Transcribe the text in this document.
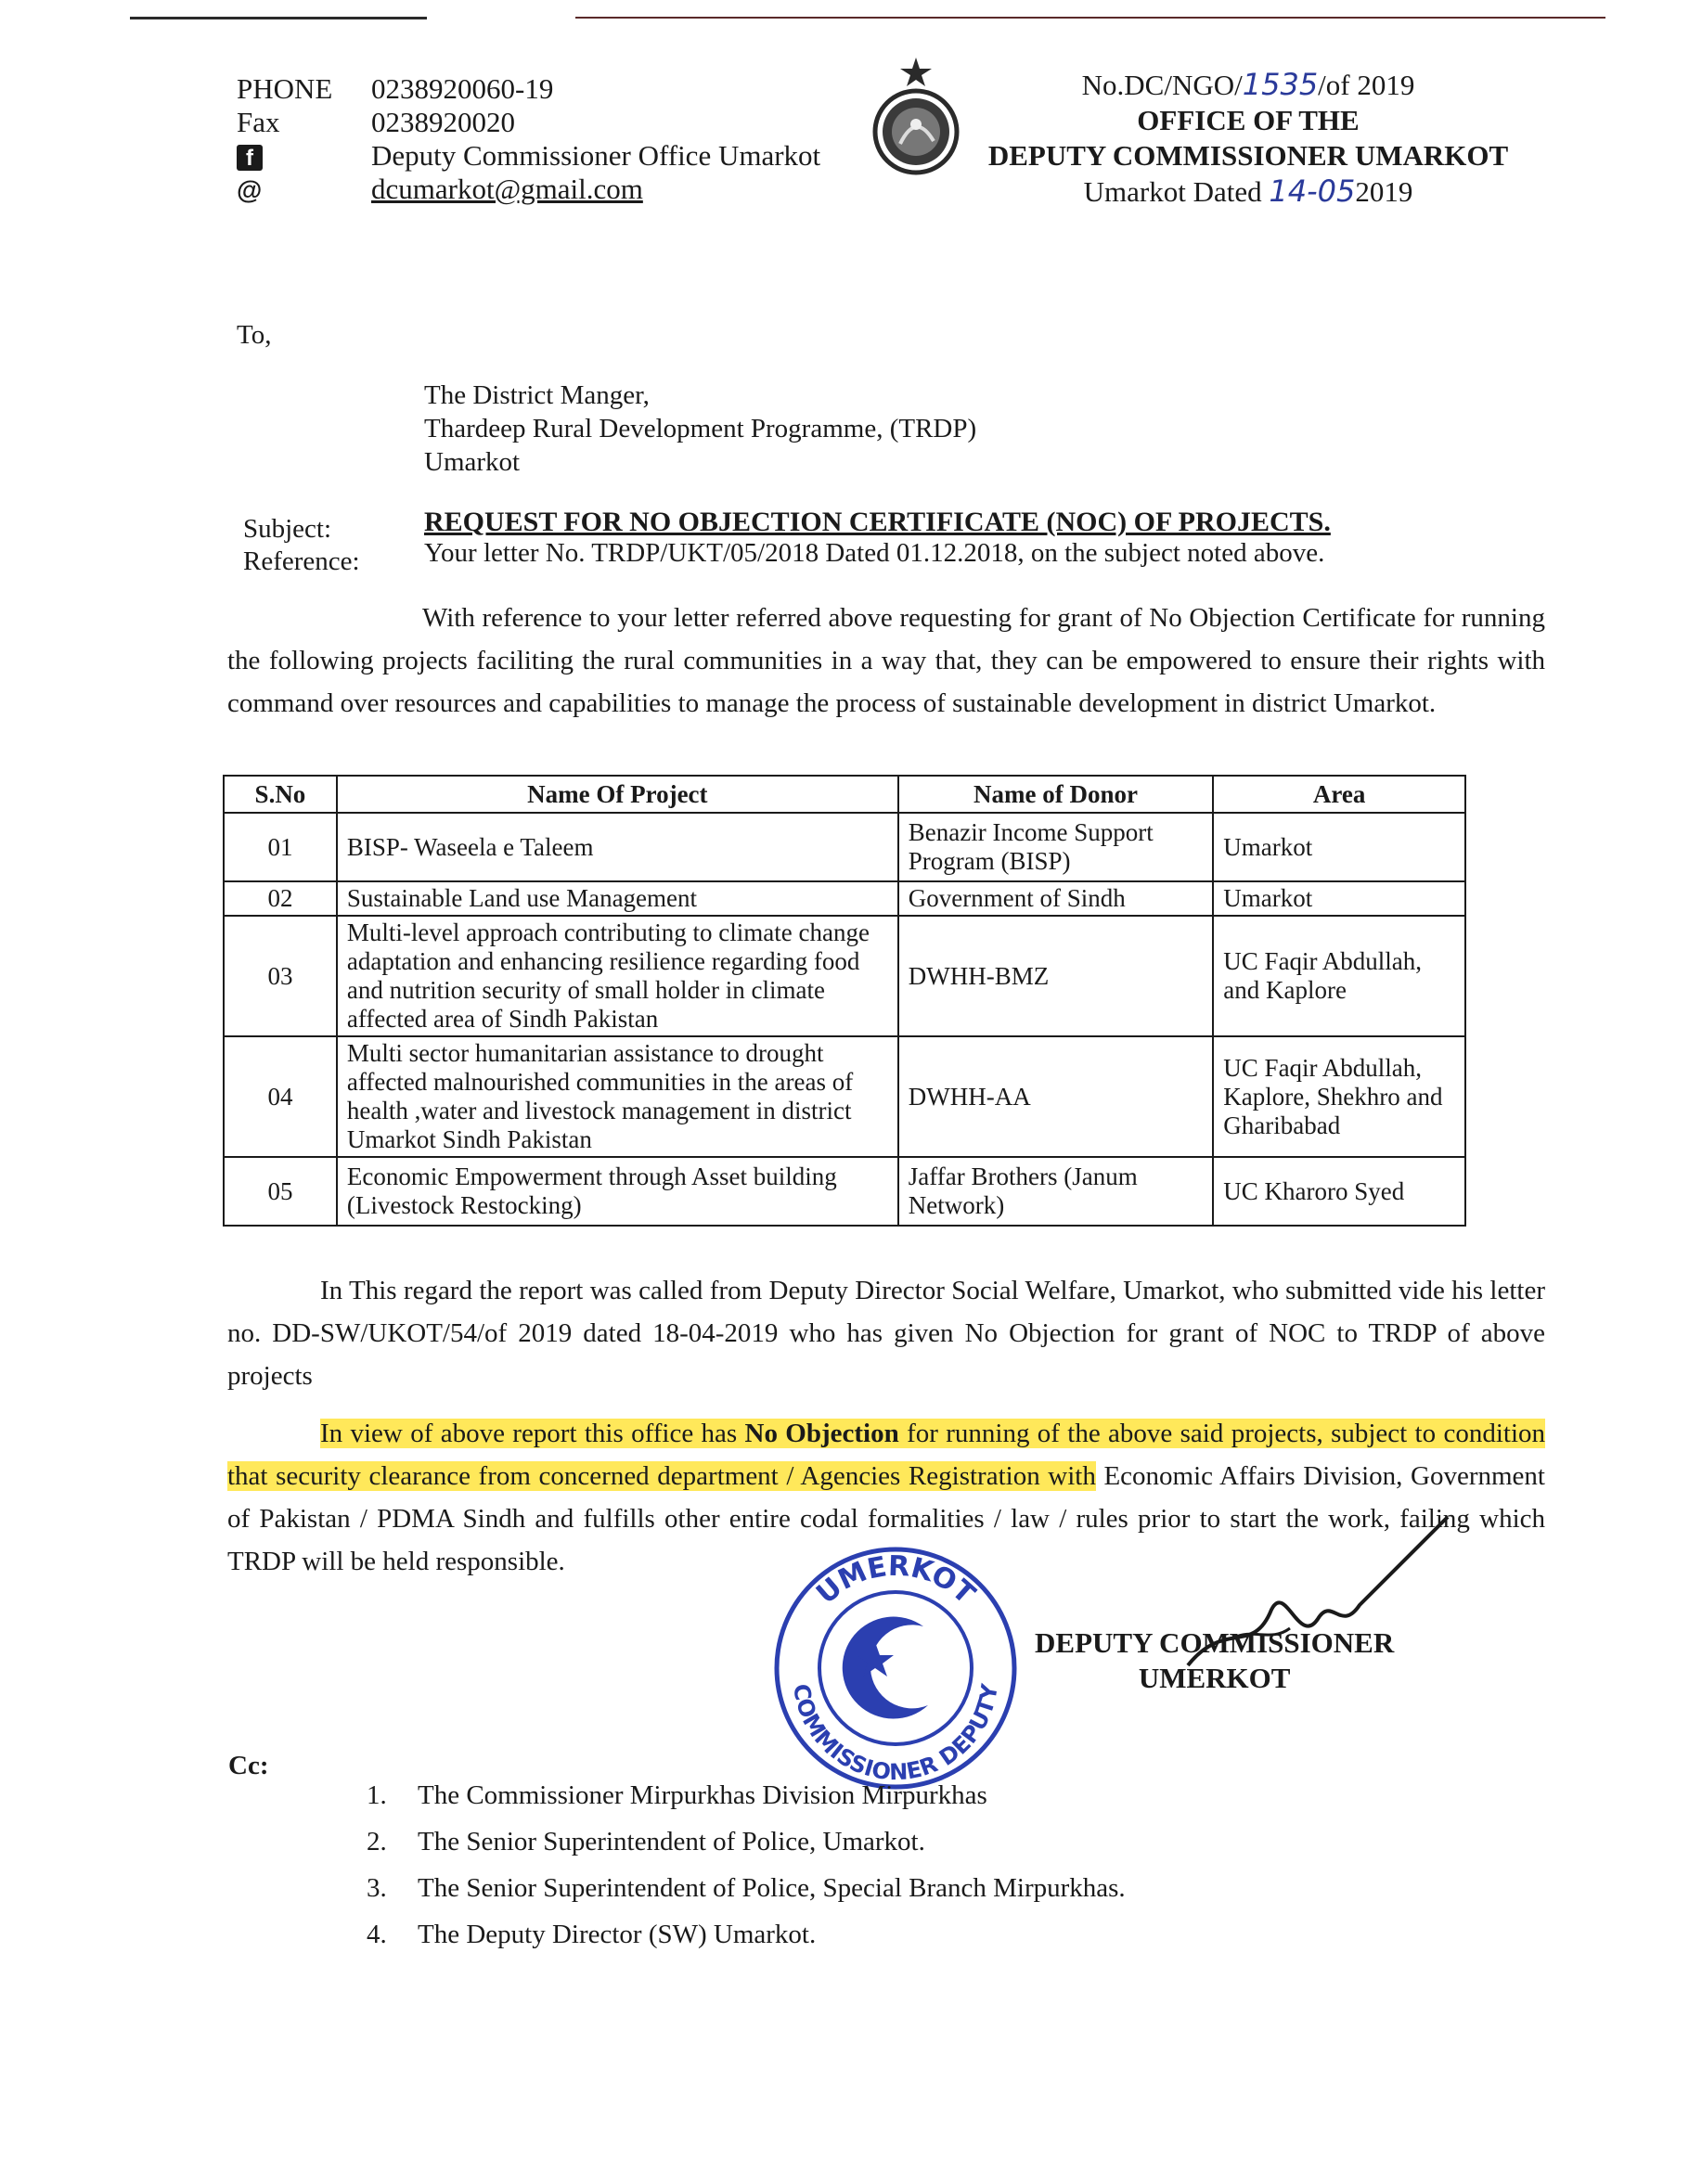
PHONE	0238920060-19
Fax	0238920020
f	Deputy Commissioner Office Umarkot
@	dcumarkot@gmail.com
No.DC/NGO/1535/of 2019
OFFICE OF THE
DEPUTY COMMISSIONER UMARKOT
Umarkot Dated 14-052019
To,
The District Manger,
Thardeep Rural Development Programme, (TRDP)
Umarkot
Subject:
Reference:
REQUEST FOR NO OBJECTION CERTIFICATE (NOC) OF PROJECTS.
Your letter No. TRDP/UKT/05/2018 Dated 01.12.2018, on the subject noted above.
With reference to your letter referred above requesting for grant of No Objection Certificate for running the following projects faciliting the rural communities in a way that, they can be empowered to ensure their rights with command over resources and capabilities to manage the process of sustainable development in district Umarkot.
S.No	Name Of Project	Name of Donor	Area
01	BISP- Waseela e Taleem	Benazir Income Support Program (BISP)	Umarkot
02	Sustainable Land use Management	Government of Sindh	Umarkot
03	Multi-level approach contributing to climate change adaptation and enhancing resilience regarding food and nutrition security of small holder in climate affected area of Sindh Pakistan	DWHH-BMZ	UC Faqir Abdullah, and Kaplore
04	Multi sector humanitarian assistance to drought affected malnourished communities in the areas of health ,water and livestock management in district Umarkot Sindh Pakistan	DWHH-AA	UC Faqir Abdullah, Kaplore, Shekhro and Gharibabad
05	Economic Empowerment through Asset building (Livestock Restocking)	Jaffar Brothers (Janum Network)	UC Kharoro Syed
In This regard the report was called from Deputy Director Social Welfare, Umarkot, who submitted vide his letter no. DD-SW/UKOT/54/of 2019 dated 18-04-2019 who has given No Objection for grant of NOC to TRDP of above projects
In view of above report this office has No Objection for running of the above said projects, subject to condition that security clearance from concerned department / Agencies Registration with Economic Affairs Division, Government of Pakistan / PDMA Sindh and fulfills other entire codal formalities / law / rules prior to start the work, failing which TRDP will be held responsible.
UMERKOT
COMMISSIONER DEPUTY
DEPUTY COMMISSIONER
UMERKOT
Cc:
1.	The Commissioner Mirpurkhas Division Mirpurkhas
2.	The Senior Superintendent of Police, Umarkot.
3.	The Senior Superintendent of Police, Special Branch Mirpurkhas.
4.	The Deputy Director (SW) Umarkot.
